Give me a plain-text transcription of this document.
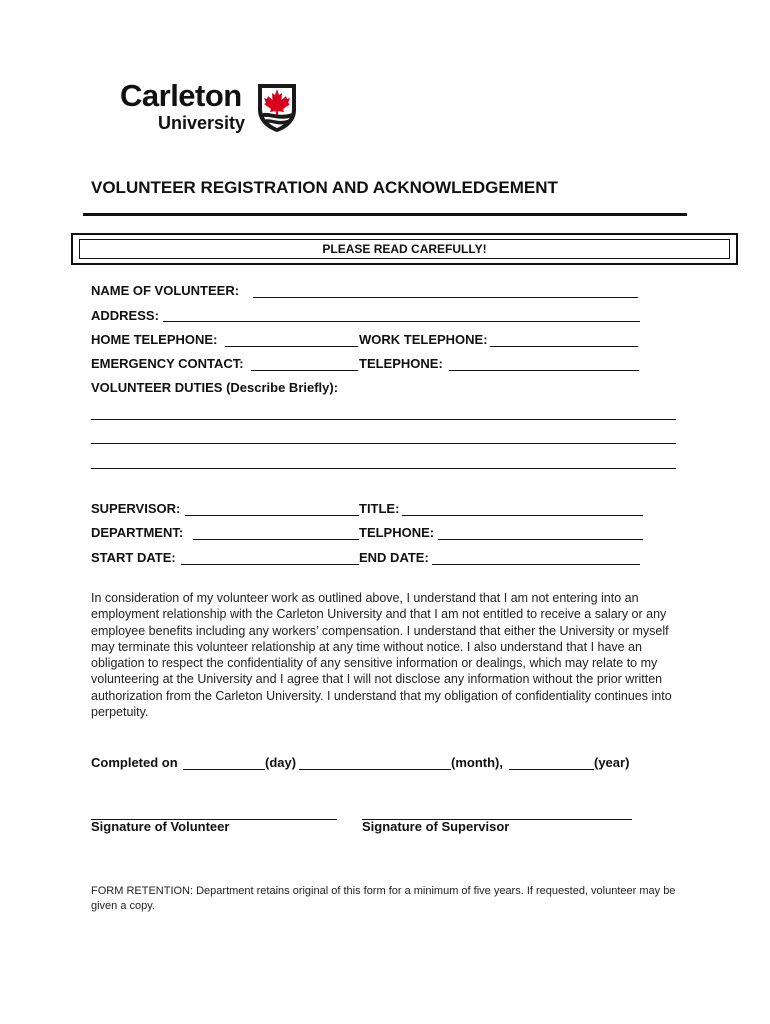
Carleton
University
VOLUNTEER REGISTRATION AND ACKNOWLEDGEMENT
PLEASE READ CAREFULLY!
NAME OF VOLUNTEER:
ADDRESS:
HOME TELEPHONE:	WORK TELEPHONE:
EMERGENCY CONTACT:	TELEPHONE:
VOLUNTEER DUTIES (Describe Briefly):
SUPERVISOR:	TITLE:
DEPARTMENT:	TELPHONE:
START DATE:	END DATE:
In consideration of my volunteer work as outlined above, I understand that I am not entering into an employment relationship with the Carleton University and that I am not entitled to receive a salary or any employee benefits including any workers’ compensation. I understand that either the University or myself may terminate this volunteer relationship at any time without notice. I also understand that I have an obligation to respect the confidentiality of any sensitive information or dealings, which may relate to my volunteering at the University and I agree that I will not disclose any information without the prior written authorization from the Carleton University. I understand that my obligation of confidentiality continues into perpetuity.
Completed on	(day)	(month),	(year)
Signature of Volunteer	Signature of Supervisor
FORM RETENTION: Department retains original of this form for a minimum of five years. If requested, volunteer may be given a copy.
